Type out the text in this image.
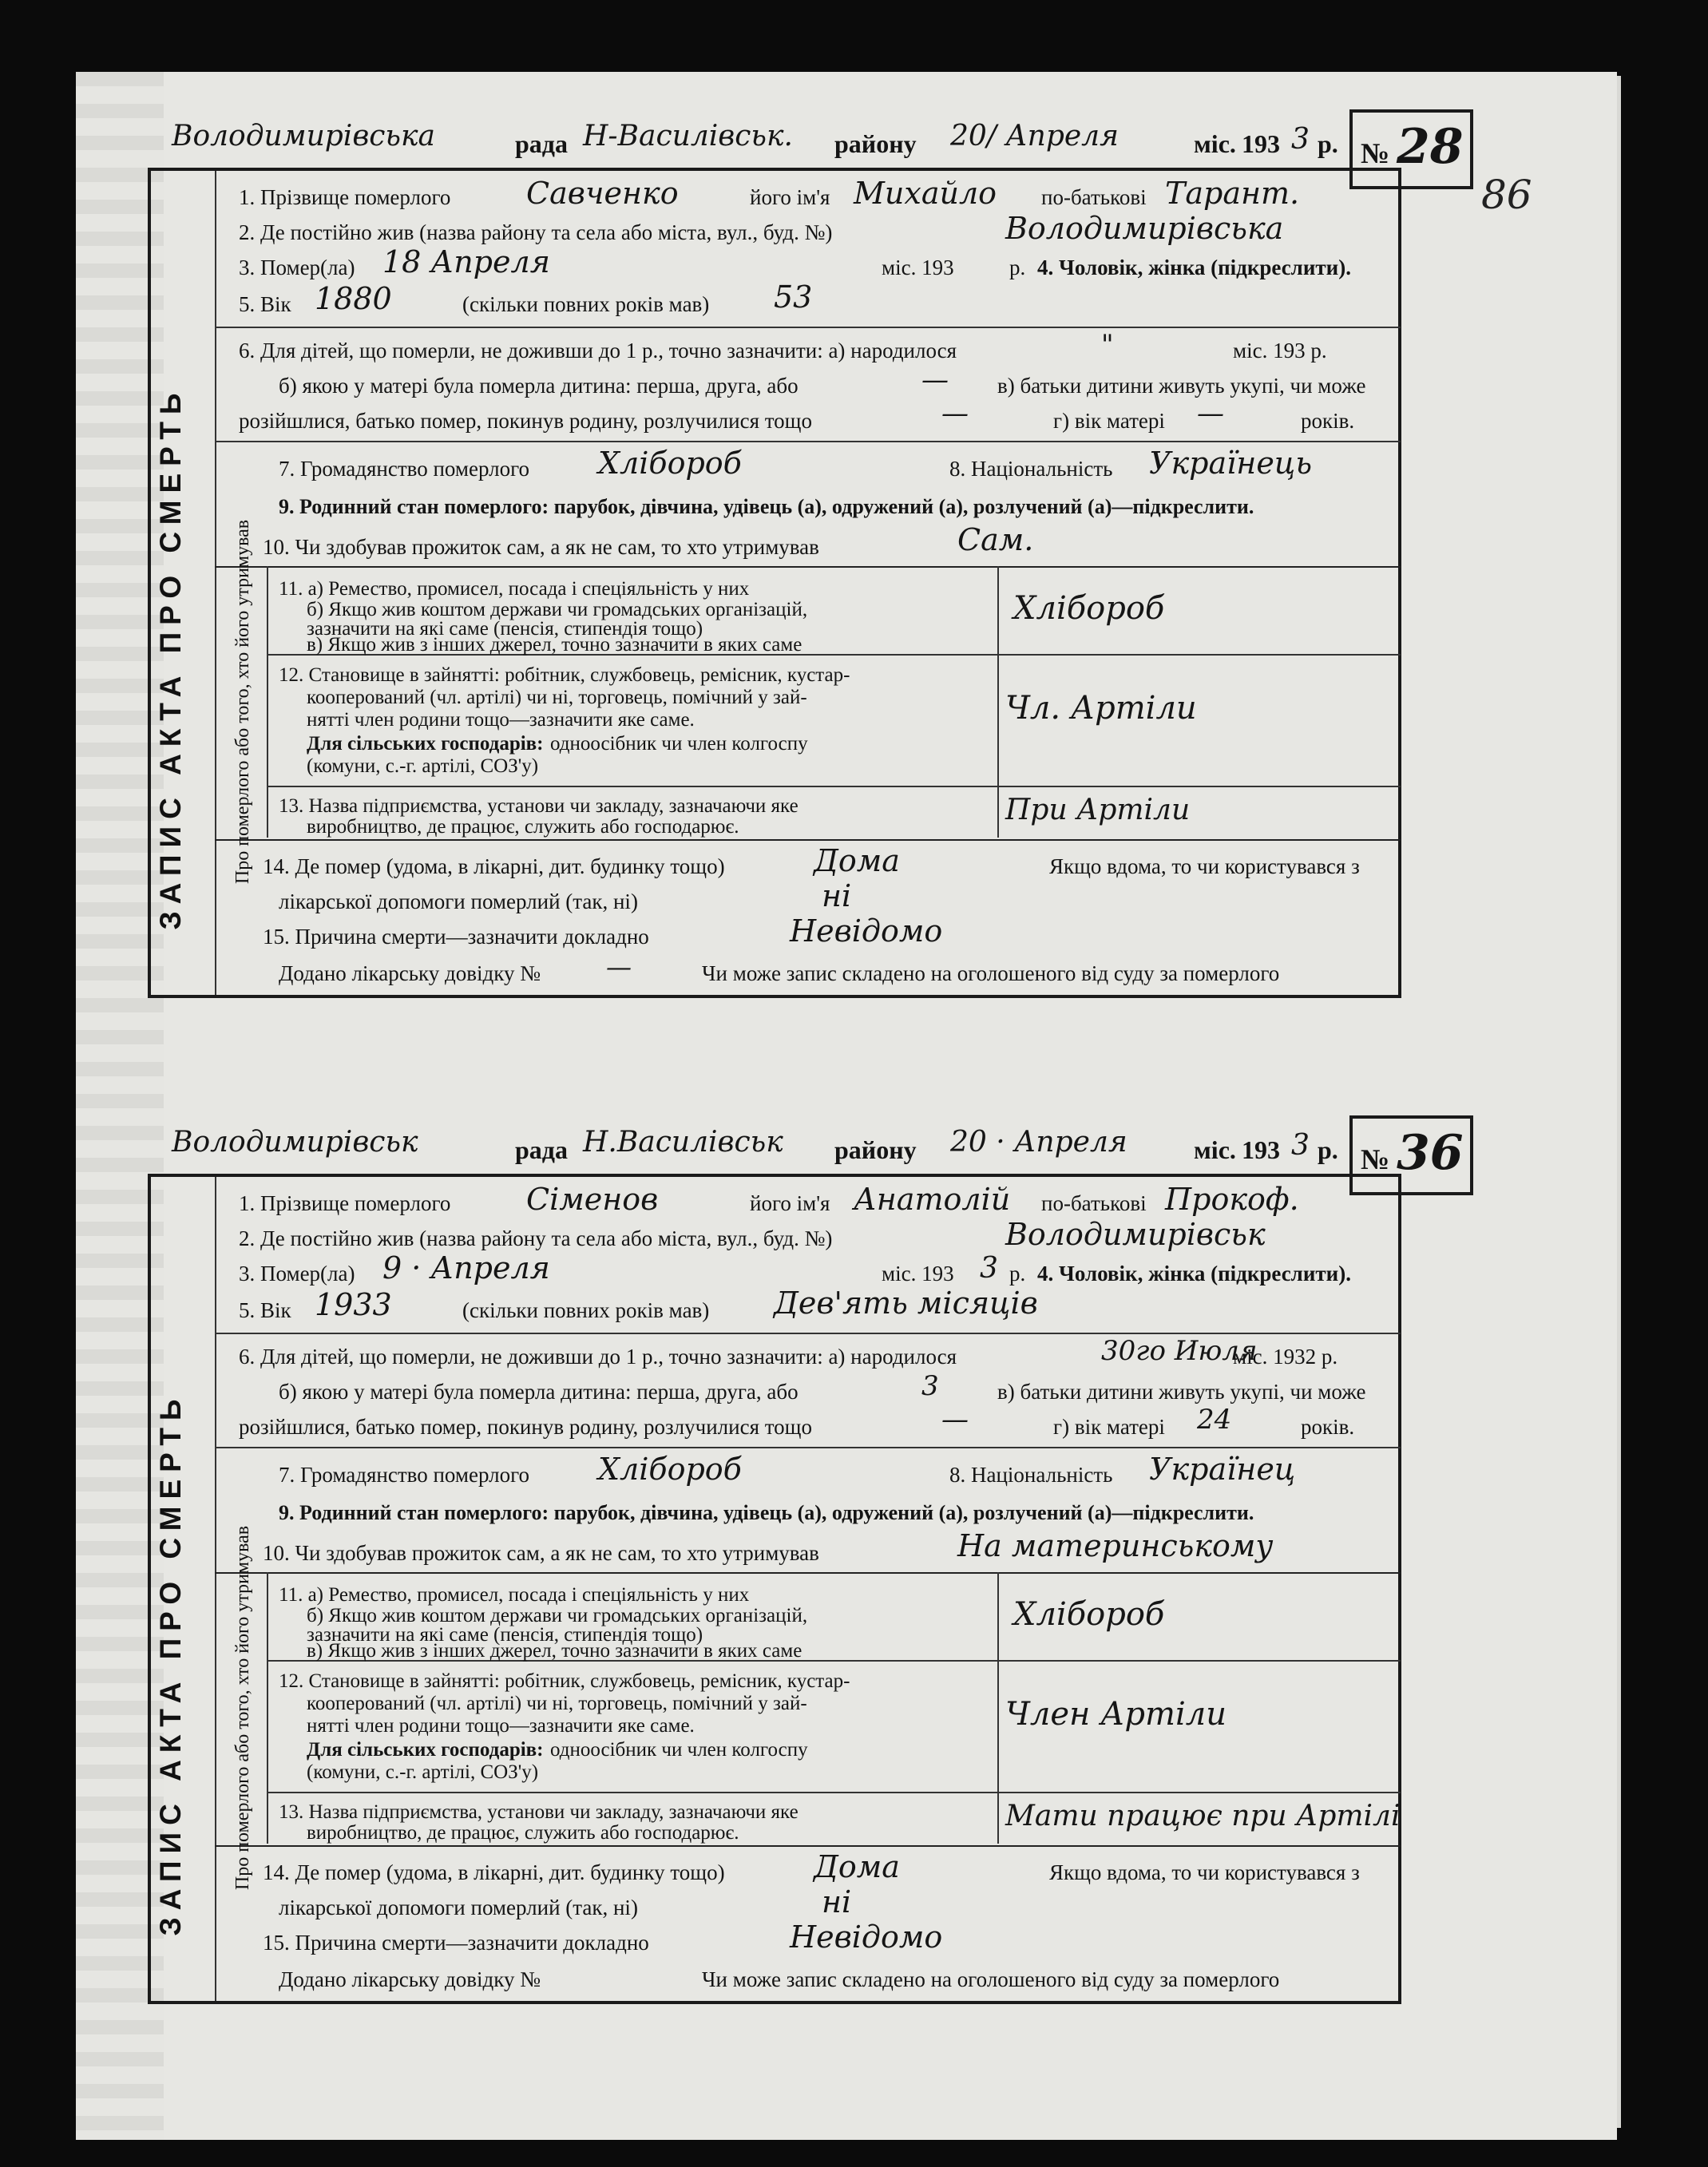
86
Володимирівська	рада Н-Василівськ. району 20/ Апреля	міс. 193 3 р. № 28
ЗАПИС АКТА ПРО СМЕРТЬ
1. Прізвище померлого Савченко	його ім'я Михайло по-батькові Тарант.
2. Де постійно жив (назва району та села або міста, вул., буд. №)	Володимирівська
3. Помер(ла) 18 Апреля	міс. 193	р. 4. Чоловік, жінка (підкреслити).
5. Вік 1880	(скільки повних років мав) 53
6. Для дітей, що померли, не доживши до 1 р., точно зазначити: а) народилося	"	міс. 193 р.
б) якою у матері була померла дитина: перша, друга, або	— в) батьки дитини живуть укупі, чи може
розійшлися, батько помер, покинув родину, розлучилися тощо	—	г) вік матері —	років.
7. Громадянство померлого Хлібороб	8. Національність Українець
9. Родинний стан померлого: парубок, дівчина, удівець (а), одружений (а), розлучений (а)—підкреслити.
10. Чи здобував прожиток сам, а як не сам, то хто утримував	Сам.
Про померлого або того, хто його утримував 11. а) Ремество, промисел, посада і спеціяльність у них
б) Якщо жив коштом держави чи громадських організацій,
зазначити на які саме (пенсія, стипендія тощо)
в) Якщо жив з інших джерел, точно зазначити в яких саме
Хлібороб
12. Становище в зайнятті: робітник, службовець, ремісник, кустар-
кооперований (чл. артілі) чи ні, торговець, помічний у зай-
нятті член родини тощо—зазначити яке саме.
Для сільських господарів: одноосібник чи член колгоспу
(комуни, с.-г. артілі, СОЗ'у)
Чл. Артіли
13. Назва підприємства, установи чи закладу, зазначаючи яке
виробництво, де працює, служить або господарює.
При Артіли
14. Де помер (удома, в лікарні, дит. будинку тощо)	Дома	Якщо вдома, то чи користувався з
лікарської допомоги померлий (так, ні)	ні
15. Причина смерти—зазначити докладно	Невідомо
Додано лікарську довідку №	—	Чи може запис складено на оголошеного від суду за померлого
Володимирівськ	рада Н.Василівськ району 20 · Апреля	міс. 193 3 р. № 36
ЗАПИС АКТА ПРО СМЕРТЬ
1. Прізвище померлого Сіменов	його ім'я Анатолій по-батькові Прокоф.
2. Де постійно жив (назва району та села або міста, вул., буд. №)	Володимирівськ
3. Помер(ла) 9 · Апреля	міс. 193 3 р. 4. Чоловік, жінка (підкреслити).
5. Вік 1933	(скільки повних років мав) Дев'ять місяців
6. Для дітей, що померли, не доживши до 1 р., точно зазначити: а) народилося	30го Июля
міс. 1932 р.
б) якою у матері була померла дитина: перша, друга, або	3	в) батьки дитини живуть укупі, чи може
розійшлися, батько помер, покинув родину, розлучилися тощо	—	г) вік матері 24	років.
7. Громадянство померлого Хлібороб	8. Національність Українец
9. Родинний стан померлого: парубок, дівчина, удівець (а), одружений (а), розлучений (а)—підкреслити.
10. Чи здобував прожиток сам, а як не сам, то хто утримував	На материнському
Про померлого або того, хто його утримував 11. а) Ремество, промисел, посада і спеціяльність у них
б) Якщо жив коштом держави чи громадських організацій,
зазначити на які саме (пенсія, стипендія тощо)
в) Якщо жив з інших джерел, точно зазначити в яких саме
Хлібороб
12. Становище в зайнятті: робітник, службовець, ремісник, кустар-
кооперований (чл. артілі) чи ні, торговець, помічний у зай-
нятті член родини тощо—зазначити яке саме.
Для сільських господарів: одноосібник чи член колгоспу
(комуни, с.-г. артілі, СОЗ'у)
Член Артіли
13. Назва підприємства, установи чи закладу, зазначаючи яке
виробництво, де працює, служить або господарює.
Мати працює при Артілі
14. Де помер (удома, в лікарні, дит. будинку тощо)	Дома	Якщо вдома, то чи користувався з
лікарської допомоги померлий (так, ні)	ні
15. Причина смерти—зазначити докладно	Невідомо
Додано лікарську довідку №	Чи може запис складено на оголошеного від суду за померлого
